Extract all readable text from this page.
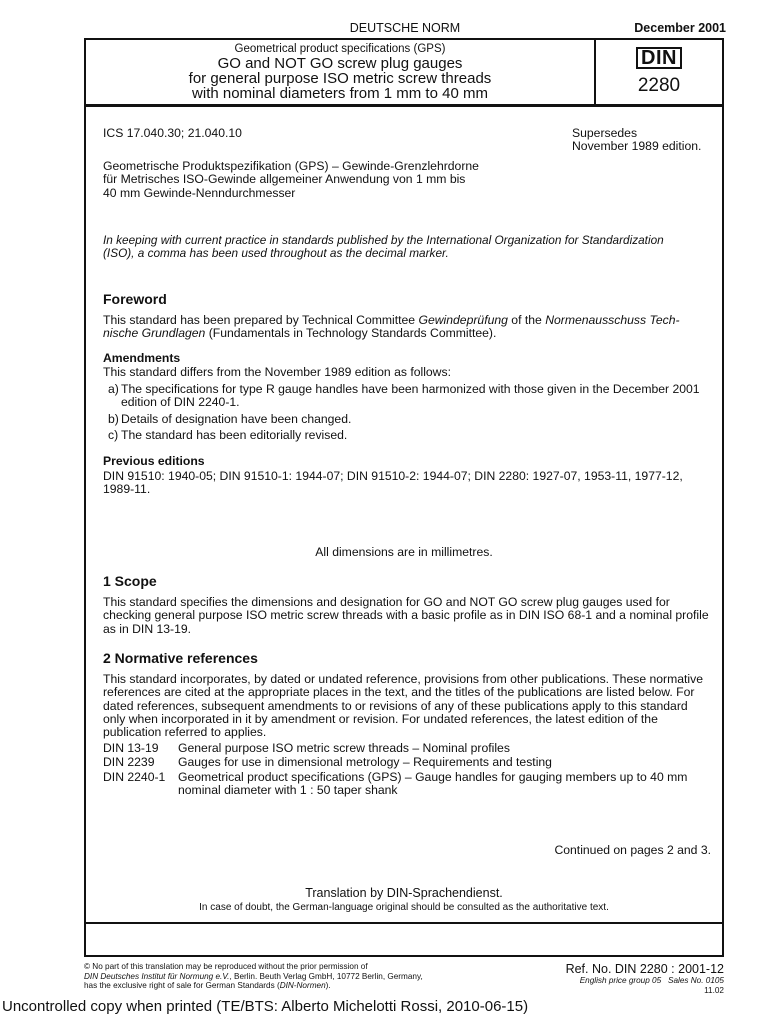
DEUTSCHE NORM	December 2001
Geometrical product specifications (GPS)
GO and NOT GO screw plug gauges
for general purpose ISO metric screw threads
with nominal diameters from 1 mm to 40 mm
DIN
2280
ICS 17.040.30; 21.040.10	Supersedes
November 1989 edition.
Geometrische Produktspezifikation (GPS) – Gewinde-Grenzlehrdorne
für Metrisches ISO-Gewinde allgemeiner Anwendung von 1 mm bis
40 mm Gewinde-Nenndurchmesser
In keeping with current practice in standards published by the International Organization for Standardization
(ISO), a comma has been used throughout as the decimal marker.
Foreword
This standard has been prepared by Technical Committee Gewindeprüfung of the Normenausschuss Tech-
nische Grundlagen (Fundamentals in Technology Standards Committee).
Amendments
This standard differs from the November 1989 edition as follows:
a) The specifications for type R gauge handles have been harmonized with those given in the December 2001 edition of DIN 2240-1.
b) Details of designation have been changed.
c) The standard has been editorially revised.
Previous editions
DIN 91510: 1940-05; DIN 91510-1: 1944-07; DIN 91510-2: 1944-07; DIN 2280: 1927-07, 1953-11, 1977-12, 1989-11.
All dimensions are in millimetres.
1 Scope
This standard specifies the dimensions and designation for GO and NOT GO screw plug gauges used for checking general purpose ISO metric screw threads with a basic profile as in DIN ISO 68-1 and a nominal profile as in DIN 13-19.
2 Normative references
This standard incorporates, by dated or undated reference, provisions from other publications. These normative references are cited at the appropriate places in the text, and the titles of the publications are listed below. For dated references, subsequent amendments to or revisions of any of these publications apply to this standard only when incorporated in it by amendment or revision. For undated references, the latest edition of the publication referred to applies.
DIN 13-19	General purpose ISO metric screw threads – Nominal profiles
DIN 2239	Gauges for use in dimensional metrology – Requirements and testing
DIN 2240-1	Geometrical product specifications (GPS) – Gauge handles for gauging members up to 40 mm nominal diameter with 1 : 50 taper shank
Continued on pages 2 and 3.
Translation by DIN-Sprachendienst.
In case of doubt, the German-language original should be consulted as the authoritative text.
© No part of this translation may be reproduced without the prior permission of
DIN Deutsches Institut für Normung e.V., Berlin. Beuth Verlag GmbH, 10772 Berlin, Germany,
has the exclusive right of sale for German Standards (DIN-Normen).
Ref. No. DIN 2280 : 2001-12
English price group 05 Sales No. 0105
11.02
Uncontrolled copy when printed (TE/BTS: Alberto Michelotti Rossi, 2010-06-15)
